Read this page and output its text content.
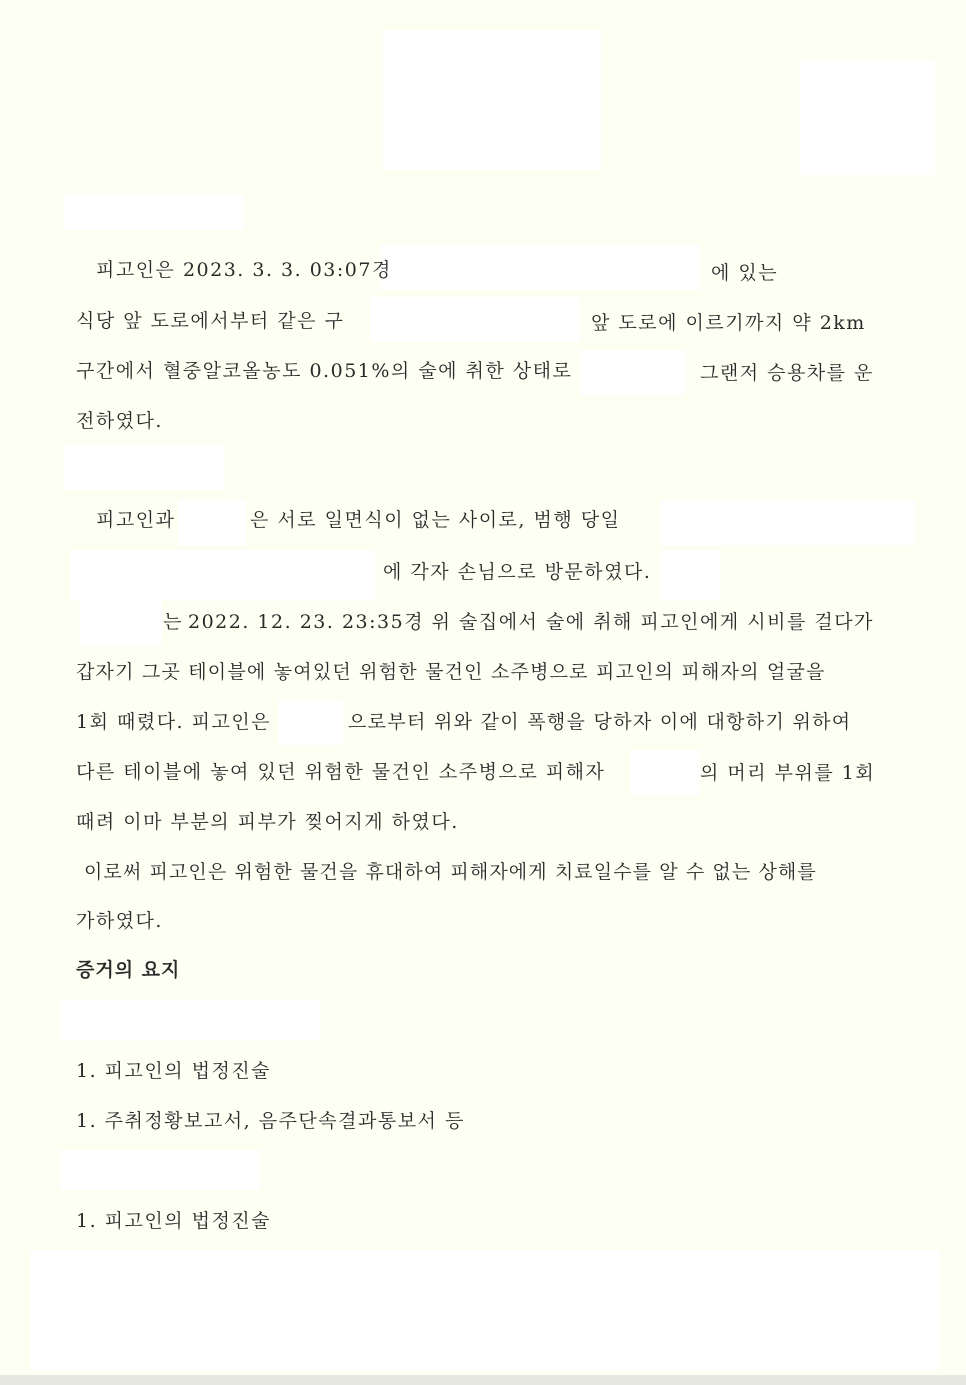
피고인은 2023. 3. 3. 03:07경	에 있는
식당 앞 도로에서부터 같은 구	앞 도로에 이르기까지 약 2km
구간에서 혈중알코올농도 0.051%의 술에 취한 상태로	그랜저 승용차를 운
전하였다.
피고인과	은 서로 일면식이 없는 사이로, 범행 당일
에 각자 손님으로 방문하였다.
는 2022. 12. 23. 23:35경 위 술집에서 술에 취해 피고인에게 시비를 걸다가
갑자기 그곳 테이블에 놓여있던 위험한 물건인 소주병으로 피고인의 피해자의 얼굴을
1회 때렸다. 피고인은	으로부터 위와 같이 폭행을 당하자 이에 대항하기 위하여
다른 테이블에 놓여 있던 위험한 물건인 소주병으로 피해자	의 머리 부위를 1회
때려 이마 부분의 피부가 찢어지게 하였다.
이로써 피고인은 위험한 물건을 휴대하여 피해자에게 치료일수를 알 수 없는 상해를
가하였다.
증거의 요지
1. 피고인의 법정진술
1. 주취정황보고서, 음주단속결과통보서 등
1. 피고인의 법정진술
